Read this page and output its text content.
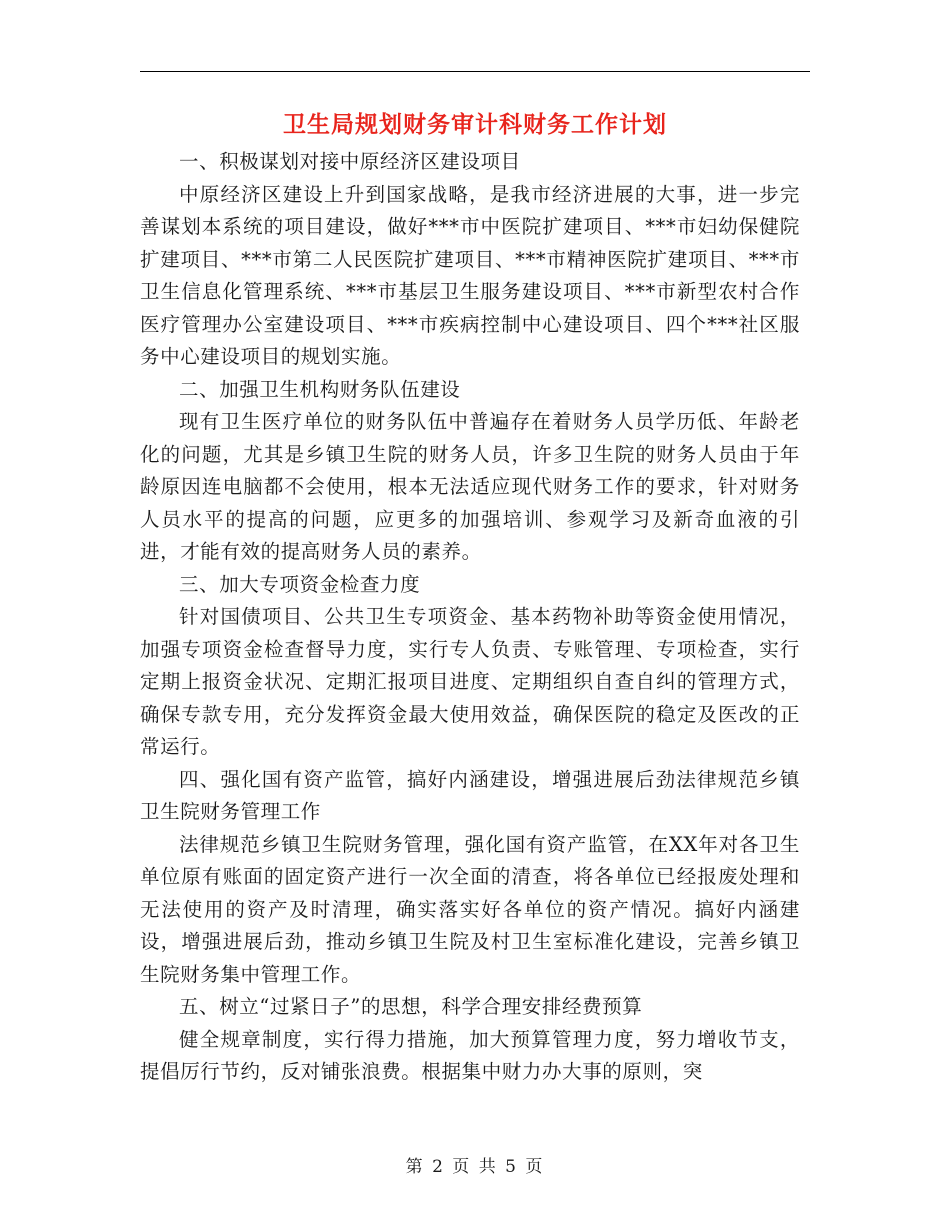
卫生局规划财务审计科财务工作计划

一、积极谋划对接中原经济区建设项目

中原经济区建设上升到国家战略，是我市经济进展的大事，进一步完善谋划本系统的项目建设，做好***市中医院扩建项目、***市妇幼保健院扩建项目、***市第二人民医院扩建项目、***市精神医院扩建项目、***市卫生信息化管理系统、***市基层卫生服务建设项目、***市新型农村合作医疗管理办公室建设项目、***市疾病控制中心建设项目、四个***社区服务中心建设项目的规划实施。

二、加强卫生机构财务队伍建设

现有卫生医疗单位的财务队伍中普遍存在着财务人员学历低、年龄老化的问题，尤其是乡镇卫生院的财务人员，许多卫生院的财务人员由于年龄原因连电脑都不会使用，根本无法适应现代财务工作的要求，针对财务人员水平的提高的问题，应更多的加强培训、参观学习及新奇血液的引进，才能有效的提高财务人员的素养。

三、加大专项资金检查力度

针对国债项目、公共卫生专项资金、基本药物补助等资金使用情况，加强专项资金检查督导力度，实行专人负责、专账管理、专项检查，实行定期上报资金状况、定期汇报项目进度、定期组织自查自纠的管理方式，确保专款专用，充分发挥资金最大使用效益，确保医院的稳定及医改的正常运行。

四、强化国有资产监管，搞好内涵建设，增强进展后劲法律规范乡镇卫生院财务管理工作

法律规范乡镇卫生院财务管理，强化国有资产监管，在XX年对各卫生单位原有账面的固定资产进行一次全面的清查，将各单位已经报废处理和无法使用的资产及时清理，确实落实好各单位的资产情况。搞好内涵建设，增强进展后劲，推动乡镇卫生院及村卫生室标准化建设，完善乡镇卫生院财务集中管理工作。

五、树立“过紧日子”的思想，科学合理安排经费预算

健全规章制度，实行得力措施，加大预算管理力度，努力增收节支，提倡厉行节约，反对铺张浪费。根据集中财力办大事的原则，突

第 2 页 共 5 页
